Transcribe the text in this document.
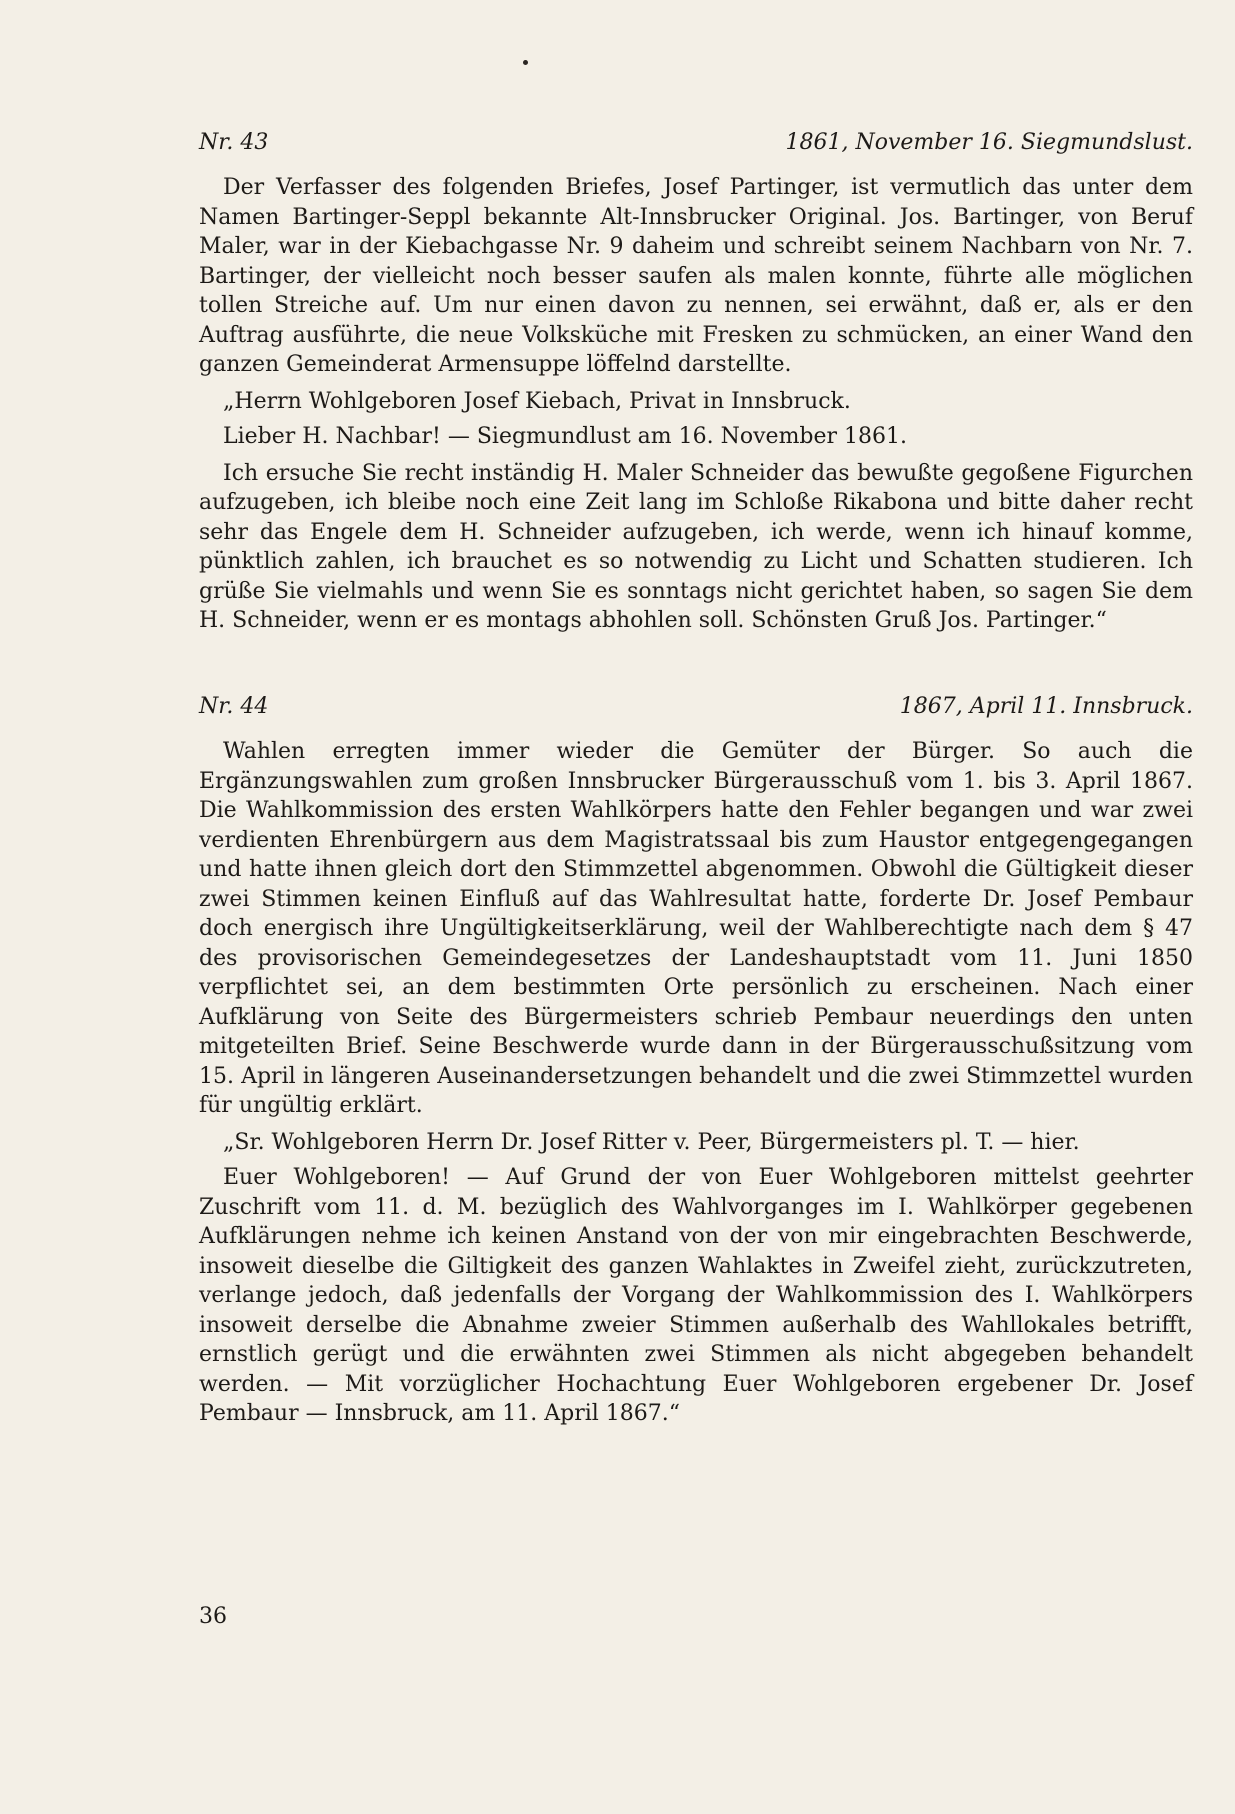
Nr. 43	1861, November 16. Siegmundslust.

Der Verfasser des folgenden Briefes, Josef Partinger, ist vermutlich das unter dem Namen Bartinger-Seppl bekannte Alt-Innsbrucker Original. Jos. Bartinger, von Beruf Maler, war in der Kiebachgasse Nr. 9 daheim und schreibt seinem Nachbarn von Nr. 7. Bartinger, der vielleicht noch besser saufen als malen konnte, führte alle möglichen tollen Streiche auf. Um nur einen davon zu nennen, sei erwähnt, daß er, als er den Auftrag ausführte, die neue Volksküche mit Fresken zu schmücken, an einer Wand den ganzen Gemeinderat Armensuppe löffelnd darstellte.

„Herrn Wohlgeboren Josef Kiebach, Privat in Innsbruck.

Lieber H. Nachbar! — Siegmundlust am 16. November 1861.

Ich ersuche Sie recht inständig H. Maler Schneider das bewußte gegoßene Figurchen aufzugeben, ich bleibe noch eine Zeit lang im Schloße Rikabona und bitte daher recht sehr das Engele dem H. Schneider aufzugeben, ich werde, wenn ich hinauf komme, pünktlich zahlen, ich brauchet es so notwendig zu Licht und Schatten studieren. Ich grüße Sie vielmahls und wenn Sie es sonntags nicht gerichtet haben, so sagen Sie dem H. Schneider, wenn er es montags abhohlen soll. Schönsten Gruß Jos. Partinger.“

Nr. 44	1867, April 11. Innsbruck.

Wahlen erregten immer wieder die Gemüter der Bürger. So auch die Ergänzungswahlen zum großen Innsbrucker Bürgerausschuß vom 1. bis 3. April 1867. Die Wahlkommission des ersten Wahlkörpers hatte den Fehler begangen und war zwei verdienten Ehrenbürgern aus dem Magistratssaal bis zum Haustor entgegengegangen und hatte ihnen gleich dort den Stimmzettel abgenommen. Obwohl die Gültigkeit dieser zwei Stimmen keinen Einfluß auf das Wahlresultat hatte, forderte Dr. Josef Pembaur doch energisch ihre Ungültigkeitserklärung, weil der Wahlberechtigte nach dem § 47 des provisorischen Gemeindegesetzes der Landeshauptstadt vom 11. Juni 1850 verpflichtet sei, an dem bestimmten Orte persönlich zu erscheinen. Nach einer Aufklärung von Seite des Bürgermeisters schrieb Pembaur neuerdings den unten mitgeteilten Brief. Seine Beschwerde wurde dann in der Bürgerausschußsitzung vom 15. April in längeren Auseinandersetzungen behandelt und die zwei Stimmzettel wurden für ungültig erklärt.

„Sr. Wohlgeboren Herrn Dr. Josef Ritter v. Peer, Bürgermeisters pl. T. — hier.

Euer Wohlgeboren! — Auf Grund der von Euer Wohlgeboren mittelst geehrter Zuschrift vom 11. d. M. bezüglich des Wahlvorganges im I. Wahlkörper gegebenen Aufklärungen nehme ich keinen Anstand von der von mir eingebrachten Beschwerde, insoweit dieselbe die Giltigkeit des ganzen Wahlaktes in Zweifel zieht, zurückzutreten, verlange jedoch, daß jedenfalls der Vorgang der Wahlkommission des I. Wahlkörpers insoweit derselbe die Abnahme zweier Stimmen außerhalb des Wahllokales betrifft, ernstlich gerügt und die erwähnten zwei Stimmen als nicht abgegeben behandelt werden. — Mit vorzüglicher Hochachtung Euer Wohlgeboren ergebener Dr. Josef Pembaur — Innsbruck, am 11. April 1867.“

36
